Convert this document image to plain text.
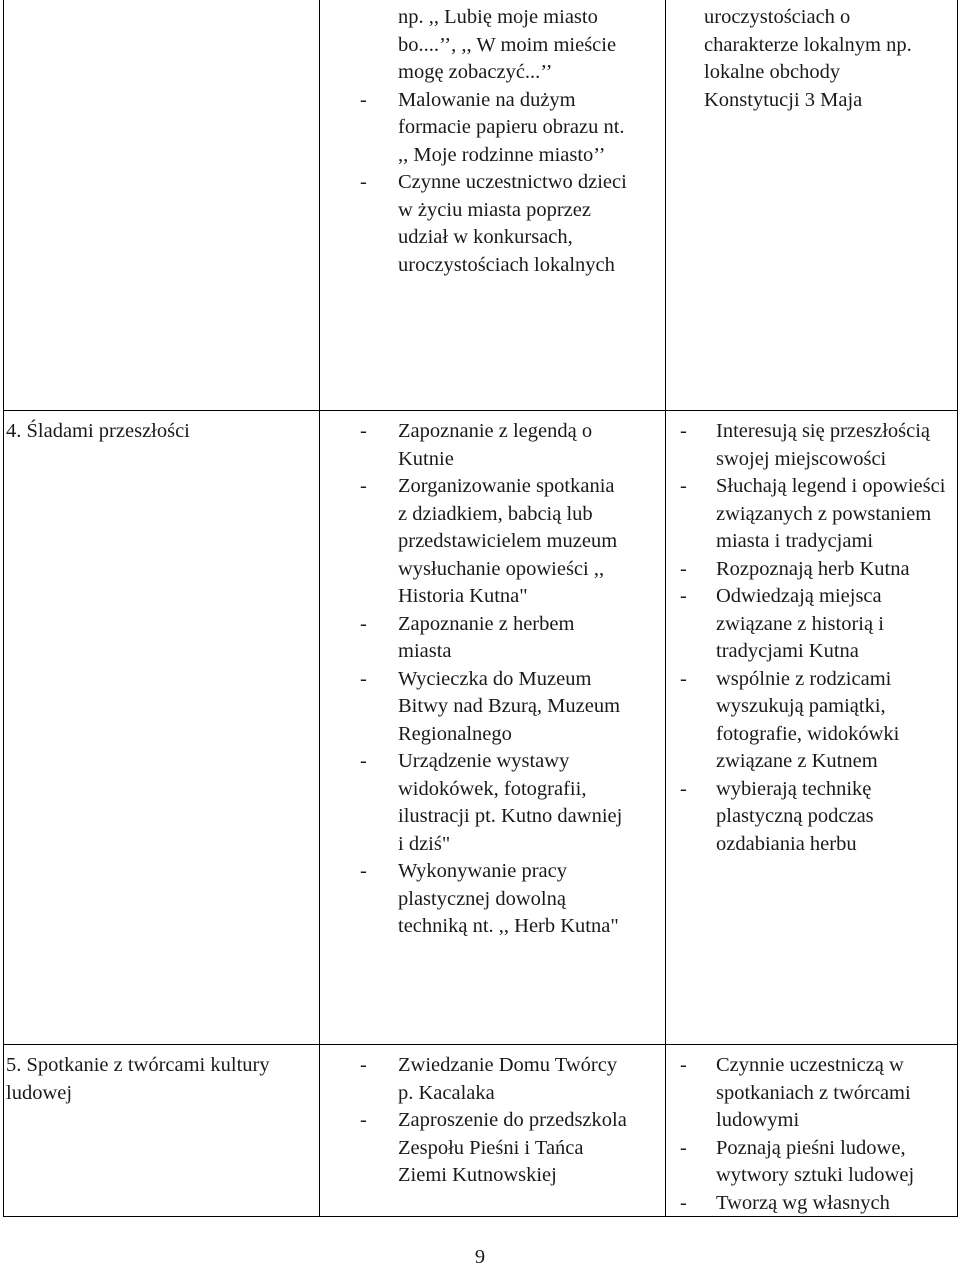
np. ,, Lubię moje miasto bo....’’, ,, W moim mieście mogę zobaczyć...’’
- Malowanie na dużym formacie papieru obrazu nt. ,, Moje rodzinne miasto’’
- Czynne uczestnictwo dzieci w życiu miasta poprzez udział w konkursach, uroczystościach lokalnych
uroczystościach o charakterze lokalnym np. lokalne obchody Konstytucji 3 Maja
4. Śladami przeszłości	- Zapoznanie z legendą o Kutnie
- Zorganizowanie spotkania z dziadkiem, babcią lub przedstawicielem muzeum wysłuchanie opowieści ,, Historia Kutna"
- Zapoznanie z herbem miasta
- Wycieczka do Muzeum Bitwy nad Bzurą, Muzeum Regionalnego
- Urządzenie wystawy widokówek, fotografii, ilustracji pt. Kutno dawniej i dziś"
- Wykonywanie pracy plastycznej dowolną techniką nt. ,, Herb Kutna"
- Interesują się przeszłością swojej miejscowości
- Słuchają legend i opowieści związanych z powstaniem miasta i tradycjami
- Rozpoznają herb Kutna
- Odwiedzają miejsca związane z historią i tradycjami Kutna
- wspólnie z rodzicami wyszukują pamiątki, fotografie, widokówki związane z Kutnem
- wybierają technikę plastyczną podczas ozdabiania herbu
5. Spotkanie z twórcami kultury ludowej
- Zwiedzanie Domu Twórcy p. Kacalaka
- Zaproszenie do przedszkola Zespołu Pieśni i Tańca Ziemi Kutnowskiej
- Czynnie uczestniczą w spotkaniach z twórcami ludowymi
- Poznają pieśni ludowe, wytwory sztuki ludowej
- Tworzą wg własnych
9
